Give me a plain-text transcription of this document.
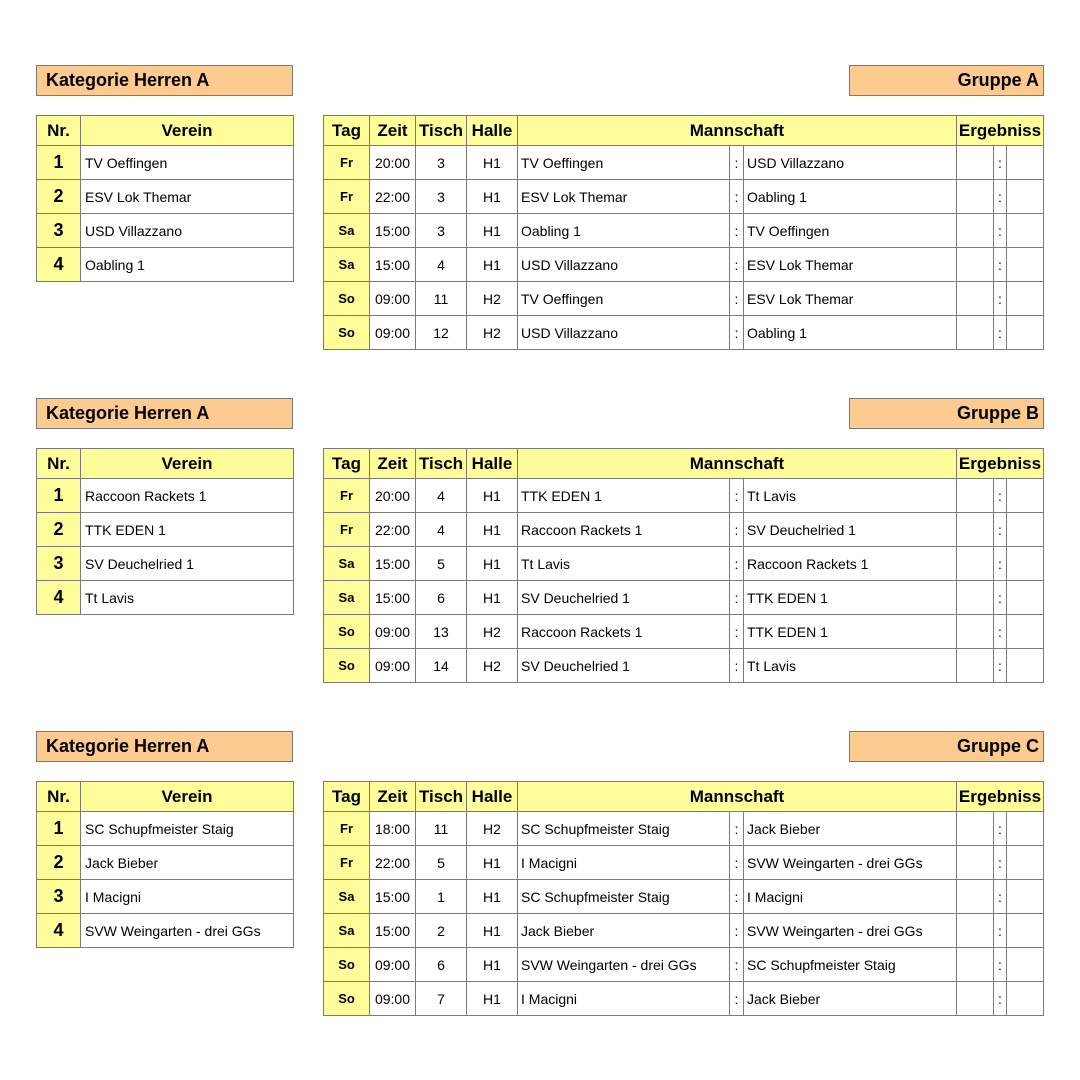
Kategorie Herren A	Gruppe A
Nr.	Verein
1	TV Oeffingen
2	ESV Lok Themar
3	USD Villazzano
4	Oabling 1
Tag	Zeit	Tisch	Halle	Mannschaft			Ergebniss		
Fr	20:00	3	H1	TV Oeffingen	:	USD Villazzano		:	
Fr	22:00	3	H1	ESV Lok Themar	:	Oabling 1		:	
Sa	15:00	3	H1	Oabling 1	:	TV Oeffingen		:	
Sa	15:00	4	H1	USD Villazzano	:	ESV Lok Themar		:	
So	09:00	11	H2	TV Oeffingen	:	ESV Lok Themar		:	
So	09:00	12	H2	USD Villazzano	:	Oabling 1		:	
Kategorie Herren A	Gruppe B
Nr.	Verein
1	Raccoon Rackets 1
2	TTK EDEN 1
3	SV Deuchelried 1
4	Tt Lavis
Tag	Zeit	Tisch	Halle	Mannschaft			Ergebniss		
Fr	20:00	4	H1	TTK EDEN 1	:	Tt Lavis		:	
Fr	22:00	4	H1	Raccoon Rackets 1	:	SV Deuchelried 1		:	
Sa	15:00	5	H1	Tt Lavis	:	Raccoon Rackets 1		:	
Sa	15:00	6	H1	SV Deuchelried 1	:	TTK EDEN 1		:	
So	09:00	13	H2	Raccoon Rackets 1	:	TTK EDEN 1		:	
So	09:00	14	H2	SV Deuchelried 1	:	Tt Lavis		:	
Kategorie Herren A	Gruppe C
Nr.	Verein
1	SC Schupfmeister Staig
2	Jack Bieber
3	I Macigni
4	SVW Weingarten - drei GGs
Tag	Zeit	Tisch	Halle	Mannschaft			Ergebniss		
Fr	18:00	11	H2	SC Schupfmeister Staig	:	Jack Bieber		:	
Fr	22:00	5	H1	I Macigni	:	SVW Weingarten - drei GGs		:	
Sa	15:00	1	H1	SC Schupfmeister Staig	:	I Macigni		:	
Sa	15:00	2	H1	Jack Bieber	:	SVW Weingarten - drei GGs		:	
So	09:00	6	H1	SVW Weingarten - drei GGs	:	SC Schupfmeister Staig		:	
So	09:00	7	H1	I Macigni	:	Jack Bieber		:	
